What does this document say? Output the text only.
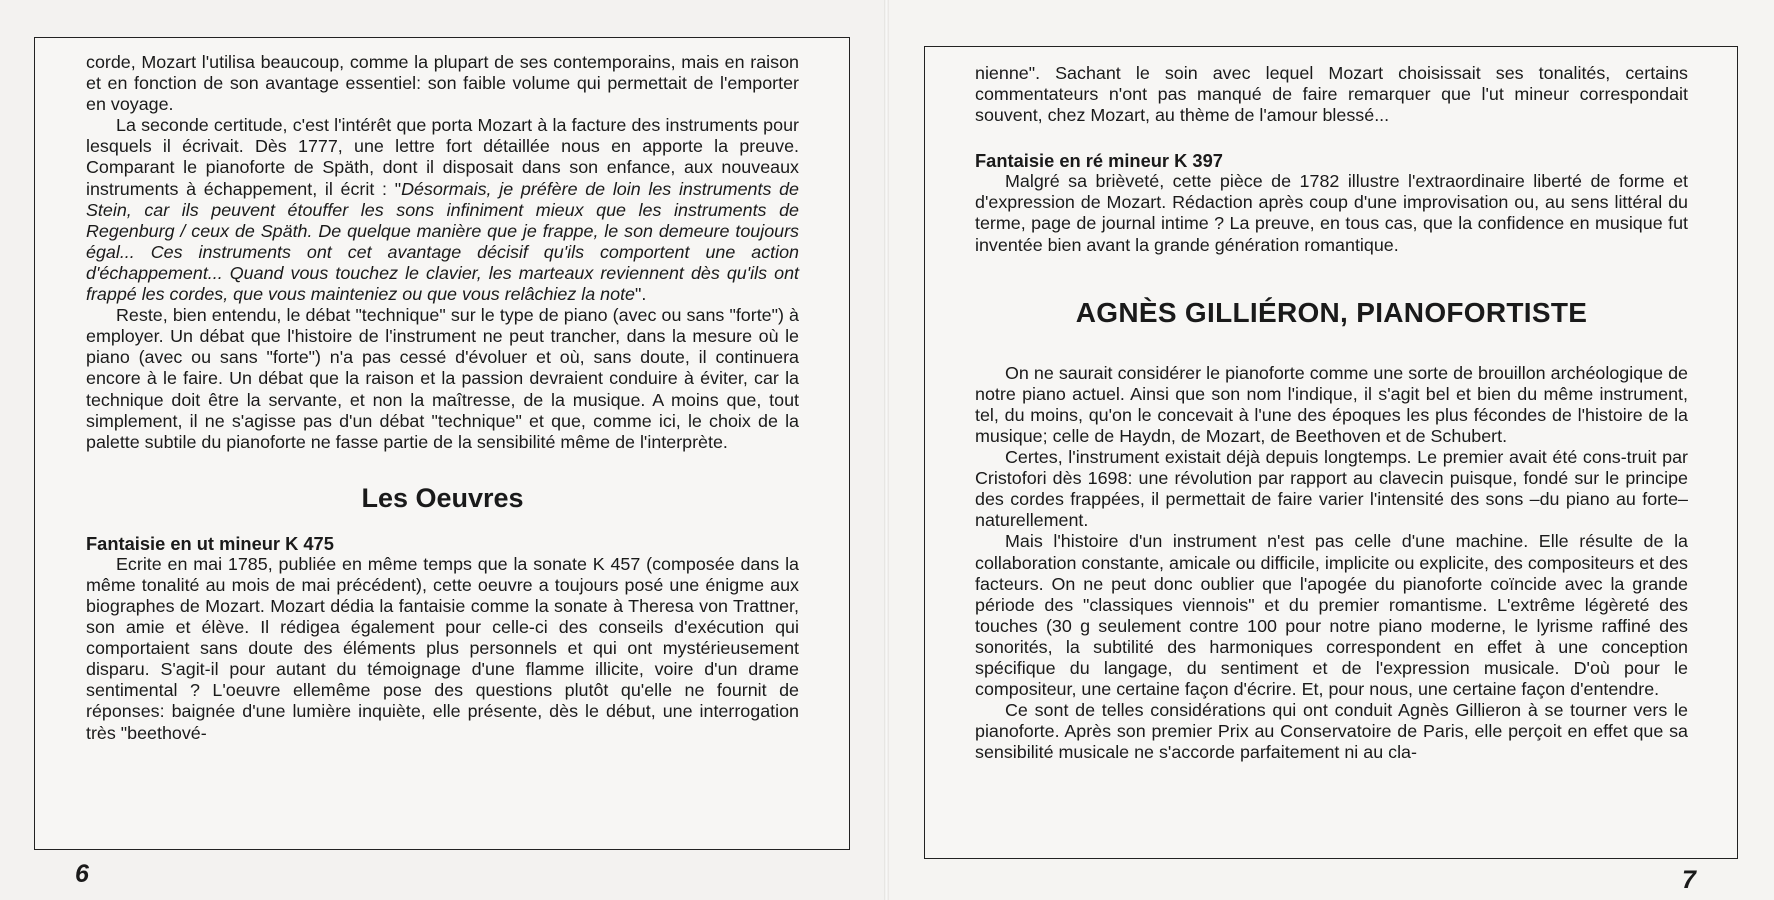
corde, Mozart l'utilisa beaucoup, comme la plupart de ses contemporains, mais en raison et en fonction de son avantage essentiel: son faible volume qui permettait de l'emporter en voyage.

La seconde certitude, c'est l'intérêt que porta Mozart à la facture des instruments pour lesquels il écrivait. Dès 1777, une lettre fort détaillée nous en apporte la preuve. Comparant le pianoforte de Späth, dont il disposait dans son enfance, aux nouveaux instruments à échappement, il écrit : "Désormais, je préfère de loin les instruments de Stein, car ils peuvent étouffer les sons infiniment mieux que les instruments de Regenburg / ceux de Späth. De quelque manière que je frappe, le son demeure toujours égal... Ces instruments ont cet avantage décisif qu'ils comportent une action d'échappement... Quand vous touchez le clavier, les marteaux reviennent dès qu'ils ont frappé les cordes, que vous mainteniez ou que vous relâchiez la note".

Reste, bien entendu, le débat "technique" sur le type de piano (avec ou sans "forte") à employer. Un débat que l'histoire de l'instrument ne peut trancher, dans la mesure où le piano (avec ou sans "forte") n'a pas cessé d'évoluer et où, sans doute, il continuera encore à le faire. Un débat que la raison et la passion devraient conduire à éviter, car la technique doit être la servante, et non la maîtresse, de la musique. A moins que, tout simplement, il ne s'agisse pas d'un débat "technique" et que, comme ici, le choix de la palette subtile du pianoforte ne fasse partie de la sensibilité même de l'interprète.

Les Oeuvres

Fantaisie en ut mineur K 475

Ecrite en mai 1785, publiée en même temps que la sonate K 457 (composée dans la même tonalité au mois de mai précédent), cette oeuvre a toujours posé une énigme aux biographes de Mozart. Mozart dédia la fantaisie comme la sonate à Theresa von Trattner, son amie et élève. Il rédigea également pour celle-ci des conseils d'exécution qui comportaient sans doute des éléments plus personnels et qui ont mystérieusement disparu. S'agit-il pour autant du témoignage d'une flamme illicite, voire d'un drame sentimental ? L'oeuvre ellemême pose des questions plutôt qu'elle ne fournit de réponses: baignée d'une lumière inquiète, elle présente, dès le début, une interrogation très "beethové-

6

nienne". Sachant le soin avec lequel Mozart choisissait ses tonalités, certains commentateurs n'ont pas manqué de faire remarquer que l'ut mineur correspondait souvent, chez Mozart, au thème de l'amour blessé...

Fantaisie en ré mineur K 397

Malgré sa brièveté, cette pièce de 1782 illustre l'extraordinaire liberté de forme et d'expression de Mozart. Rédaction après coup d'une improvisation ou, au sens littéral du terme, page de journal intime ? La preuve, en tous cas, que la confidence en musique fut inventée bien avant la grande génération romantique.

AGNÈS GILLIÉRON, PIANOFORTISTE

On ne saurait considérer le pianoforte comme une sorte de brouillon archéologique de notre piano actuel. Ainsi que son nom l'indique, il s'agit bel et bien du même instrument, tel, du moins, qu'on le concevait à l'une des époques les plus fécondes de l'histoire de la musique; celle de Haydn, de Mozart, de Beethoven et de Schubert.

Certes, l'instrument existait déjà depuis longtemps. Le premier avait été cons-truit par Cristofori dès 1698: une révolution par rapport au clavecin puisque, fondé sur le principe des cordes frappées, il permettait de faire varier l'intensité des sons –du piano au forte– naturellement.

Mais l'histoire d'un instrument n'est pas celle d'une machine. Elle résulte de la collaboration constante, amicale ou difficile, implicite ou explicite, des compositeurs et des facteurs. On ne peut donc oublier que l'apogée du pianoforte coïncide avec la grande période des "classiques viennois" et du premier romantisme. L'extrême légèreté des touches (30 g seulement contre 100 pour notre piano moderne, le lyrisme raffiné des sonorités, la subtilité des harmoniques correspondent en effet à une conception spécifique du langage, du sentiment et de l'expression musicale. D'où pour le compositeur, une certaine façon d'écrire. Et, pour nous, une certaine façon d'entendre.

Ce sont de telles considérations qui ont conduit Agnès Gillieron à se tourner vers le pianoforte. Après son premier Prix au Conservatoire de Paris, elle perçoit en effet que sa sensibilité musicale ne s'accorde parfaitement ni au cla-

7
